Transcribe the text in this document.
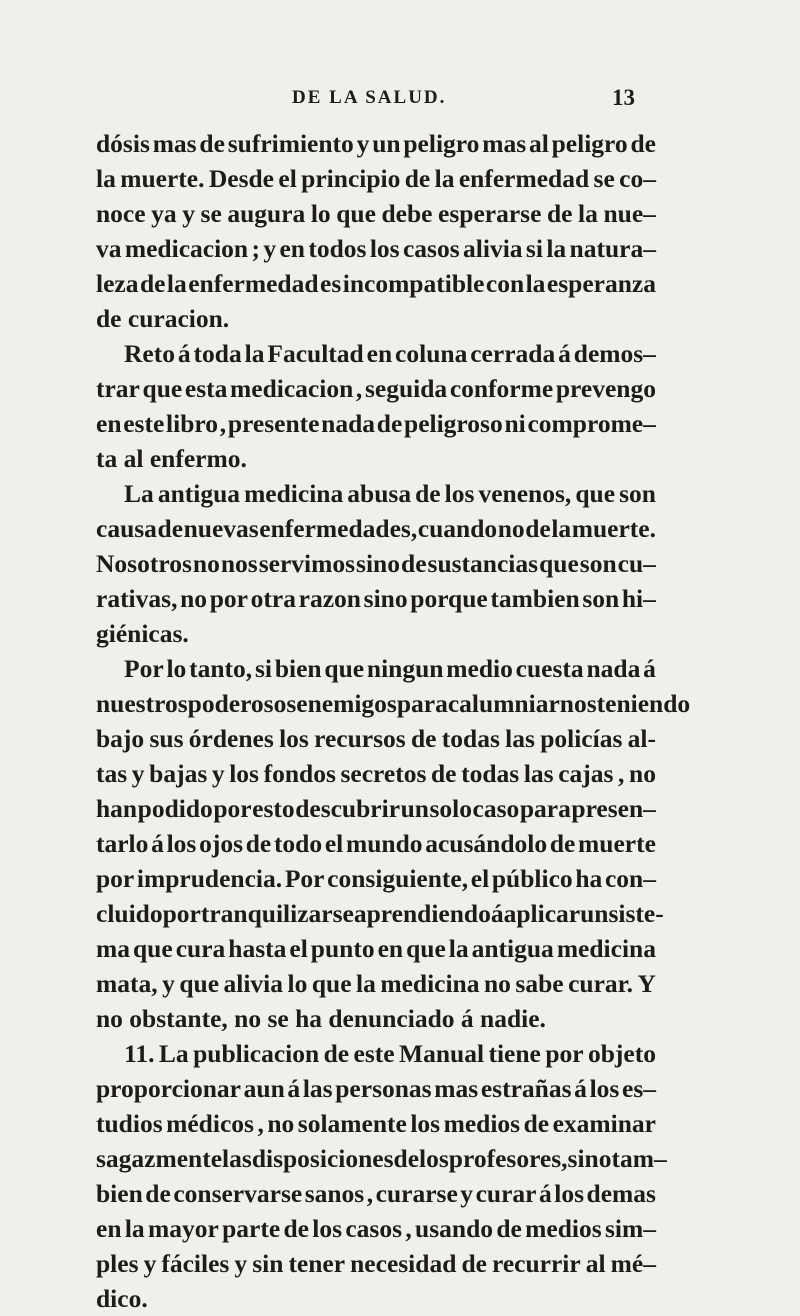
DE LA SALUD.	13
dósis mas de sufrimiento y un peligro mas al peligro de
la muerte. Desde el principio de la enfermedad se co–
noce ya y se augura lo que debe esperarse de la nue–
va medicacion ; y en todos los casos alivia si la natura–
leza de la enfermedad es incompatible con la esperanza
de curacion.
Reto á toda la Facultad en coluna cerrada á demos–
trar que esta medicacion , seguida conforme prevengo
en este libro , presente nada de peligroso ni comprome–
ta al enfermo.
La antigua medicina abusa de los venenos, que son
causa de nuevas enfermedades, cuando no de la muerte.
Nosotros no nos servimos sino de sustancias que son cu–
rativas, no por otra razon sino porque tambien son hi–
giénicas.
Por lo tanto, si bien que ningun medio cuesta nada á
nuestros poderosos enemigos para calumniarnos teniendo
bajo sus órdenes los recursos de todas las policías al-
tas y bajas y los fondos secretos de todas las cajas , no
han podido por esto descubrir un solo caso para presen–
tarlo á los ojos de todo el mundo acusándolo de muerte
por imprudencia. Por consiguiente, el público ha con–
cluido por tranquilizarse aprendiendo á aplicar un siste-
ma que cura hasta el punto en que la antigua medicina
mata, y que alivia lo que la medicina no sabe curar. Y
no obstante, no se ha denunciado á nadie.
11. La publicacion de este Manual tiene por objeto
proporcionar aun á las personas mas estrañas á los es–
tudios médicos , no solamente los medios de examinar
sagazmente las disposiciones de los profesores, sino tam–
bien de conservarse sanos , curarse y curar á los demas
en la mayor parte de los casos , usando de medios sim–
ples y fáciles y sin tener necesidad de recurrir al mé–
dico.
